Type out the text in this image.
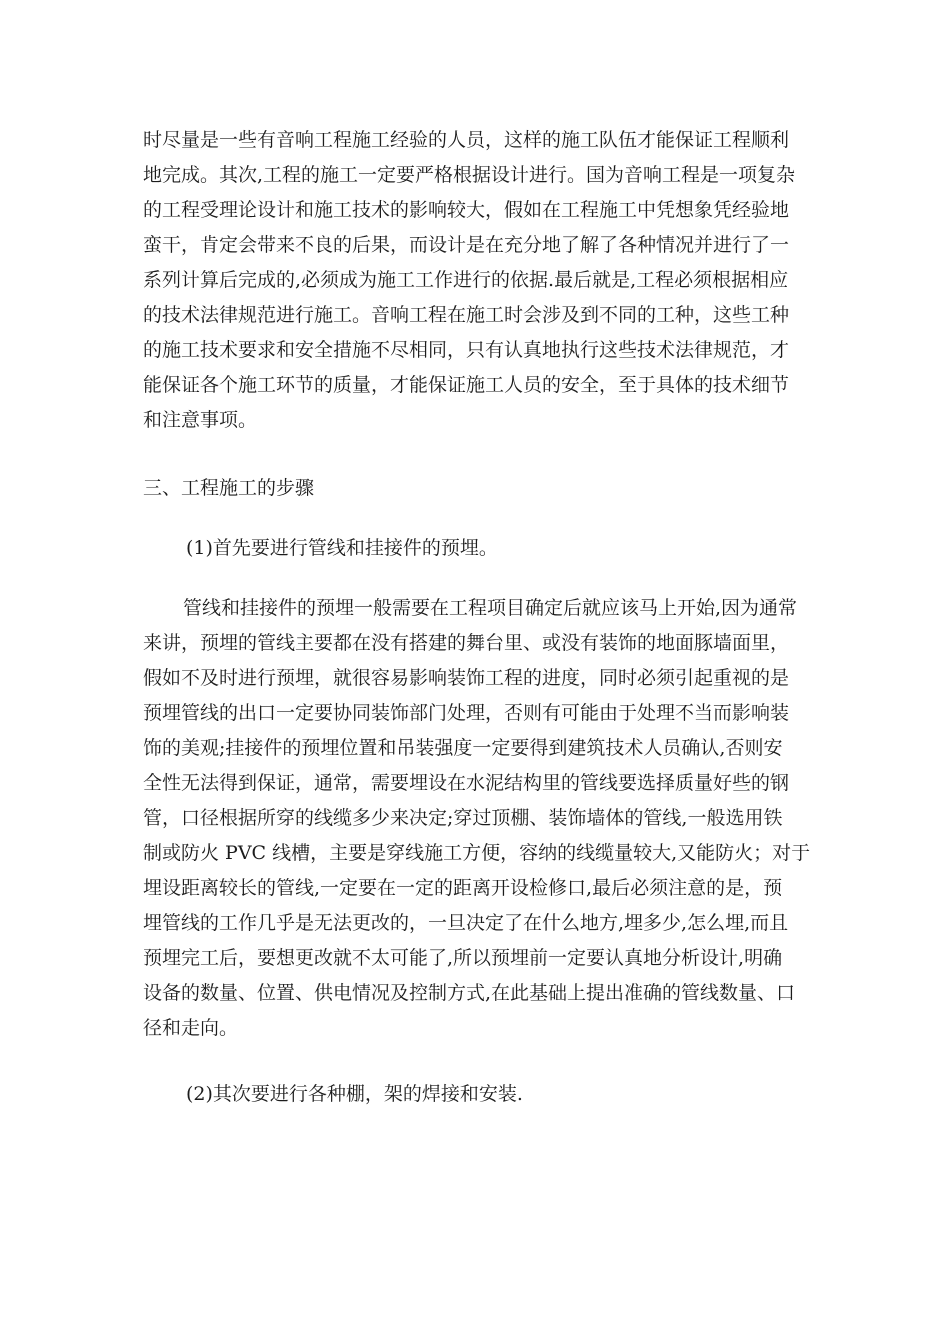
时尽量是一些有音响工程施工经验的人员，这样的施工队伍才能保证工程顺利

地完成。其次,工程的施工一定要严格根据设计进行。国为音响工程是一项复杂

的工程受理论设计和施工技术的影响较大，假如在工程施工中凭想象凭经验地

蛮干，肯定会带来不良的后果，而设计是在充分地了解了各种情况并进行了一

系列计算后完成的,必须成为施工工作进行的依据.最后就是,工程必须根据相应

的技术法律规范进行施工。音响工程在施工时会涉及到不同的工种，这些工种

的施工技术要求和安全措施不尽相同，只有认真地执行这些技术法律规范，才

能保证各个施工环节的质量，才能保证施工人员的安全，至于具体的技术细节

和注意事项。

三、工程施工的步骤

(1)首先要进行管线和挂接件的预埋。

管线和挂接件的预埋一般需要在工程项目确定后就应该马上开始,因为通常

来讲，预埋的管线主要都在没有搭建的舞台里、或没有装饰的地面豚墙面里，

假如不及时进行预埋，就很容易影响装饰工程的进度，同时必须引起重视的是

预埋管线的出口一定要协同装饰部门处理，否则有可能由于处理不当而影响装

饰的美观;挂接件的预埋位置和吊装强度一定要得到建筑技术人员确认,否则安

全性无法得到保证，通常，需要埋设在水泥结构里的管线要选择质量好些的钢

管，口径根据所穿的线缆多少来决定;穿过顶棚、装饰墙体的管线,一般选用铁

制或防火 PVC 线槽，主要是穿线施工方便，容纳的线缆量较大,又能防火；对于

埋设距离较长的管线,一定要在一定的距离开设检修口,最后必须注意的是，预

埋管线的工作几乎是无法更改的，一旦决定了在什么地方,埋多少,怎么埋,而且

预埋完工后，要想更改就不太可能了,所以预埋前一定要认真地分析设计,明确

设备的数量、位置、供电情况及控制方式,在此基础上提出准确的管线数量、口

径和走向。

(2)其次要进行各种棚，架的焊接和安装.
